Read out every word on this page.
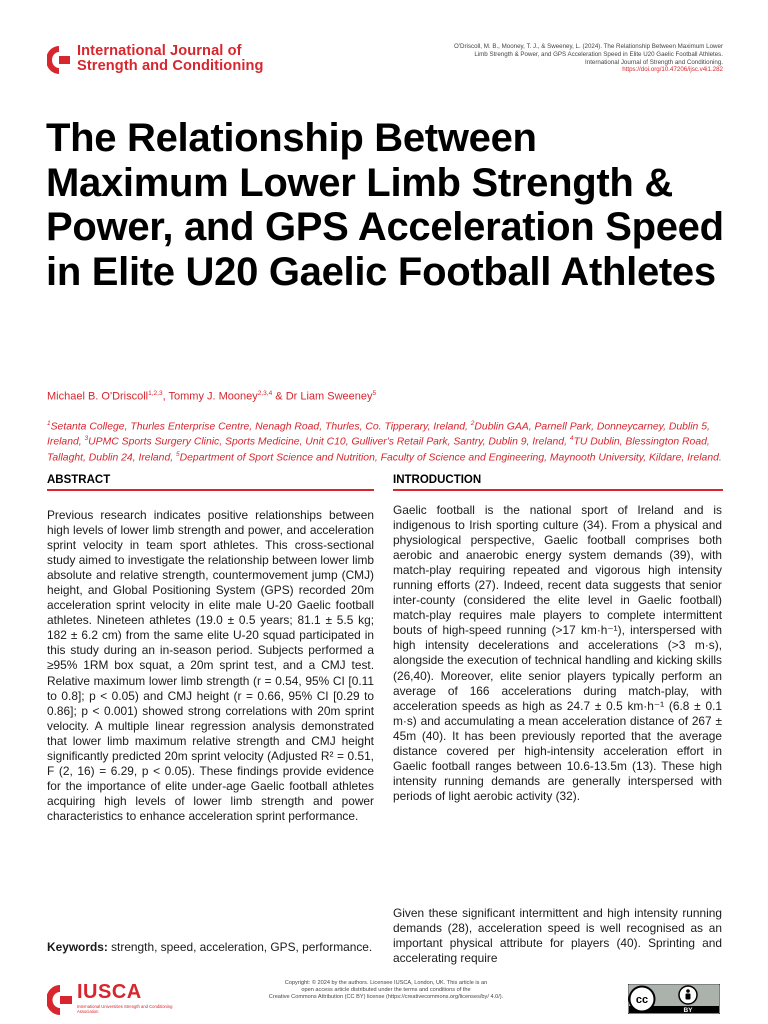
International Journal of
Strength and Conditioning
O'Driscoll, M. B., Mooney, T. J., & Sweeney, L. (2024). The Relationship Between Maximum Lower
Limb Strength & Power, and GPS Acceleration Speed in Elite U20 Gaelic Football Athletes.
International Journal of Strength and Conditioning.
https://doi.org/10.47206/ijsc.v4i1.282
The Relationship Between Maximum Lower Limb Strength & Power, and GPS Acceleration Speed in Elite U20 Gaelic Football Athletes
Michael B. O'Driscoll$^{1,2,3}$, Tommy J. Mooney$^{2,3,4}$ & Dr Liam Sweeney$^5$
$^1$Setanta College, Thurles Enterprise Centre, Nenagh Road, Thurles, Co. Tipperary, Ireland, $^2$Dublin GAA, Parnell Park, Donneycarney, Dublin 5, Ireland, $^3$UPMC Sports Surgery Clinic, Sports Medicine, Unit C10, Gulliver's Retail Park, Santry, Dublin 9, Ireland, $^4$TU Dublin, Blessington Road, Tallaght, Dublin 24, Ireland, $^5$Department of Sport Science and Nutrition, Faculty of Science and Engineering, Maynooth University, Kildare, Ireland.
ABSTRACT	INTRODUCTION

Previous research indicates positive relationships between high levels of lower limb strength and power, and acceleration sprint velocity in team sport athletes. This cross-sectional study aimed to investigate the relationship between lower limb absolute and relative strength, countermovement jump (CMJ) height, and Global Positioning System (GPS) recorded 20m acceleration sprint velocity in elite male U-20 Gaelic football athletes. Nineteen athletes (19.0 ± 0.5 years; 81.1 ± 5.5 kg; 182 ± 6.2 cm) from the same elite U-20 squad participated in this study during an in-season period. Subjects performed a ≥95% 1RM box squat, a 20m sprint test, and a CMJ test. Relative maximum lower limb strength (r = 0.54, 95% CI [0.11 to 0.8]; p < 0.05) and CMJ height (r = 0.66, 95% CI [0.29 to 0.86]; p < 0.001) showed strong correlations with 20m sprint velocity. A multiple linear regression analysis demonstrated that lower limb maximum relative strength and CMJ height significantly predicted 20m sprint velocity (Adjusted R² = 0.51, F (2, 16) = 6.29, p < 0.05). These findings provide evidence for the importance of elite under-age Gaelic football athletes acquiring high levels of lower limb strength and power characteristics to enhance acceleration sprint performance.

Keywords: strength, speed, acceleration, GPS, performance.

Gaelic football is the national sport of Ireland and is indigenous to Irish sporting culture (34). From a physical and physiological perspective, Gaelic football comprises both aerobic and anaerobic energy system demands (39), with match-play requiring repeated and vigorous high intensity running efforts (27). Indeed, recent data suggests that senior inter-county (considered the elite level in Gaelic football) match-play requires male players to complete intermittent bouts of high-speed running (>17 km·h⁻¹), interspersed with high intensity decelerations and accelerations (>3 m·s), alongside the execution of technical handling and kicking skills (26,40). Moreover, elite senior players typically perform an average of 166 accelerations during match-play, with acceleration speeds as high as 24.7 ± 0.5 km·h⁻¹ (6.8 ± 0.1 m·s) and accumulating a mean acceleration distance of 267 ± 45m (40). It has been previously reported that the average distance covered per high-intensity acceleration effort in Gaelic football ranges between 10.6-13.5m (13). These high intensity running demands are generally interspersed with periods of light aerobic activity (32).

Given these significant intermittent and high intensity running demands (28), acceleration speed is well recognised as an important physical attribute for players (40). Sprinting and accelerating require

IUSCA
International Universities Strength and Conditioning Association
Copyright: © 2024 by the authors. Licensee IUSCA, London, UK. This article is an
open access article distributed under the terms and conditions of the
Creative Commons Attribution (CC BY) license (https://creativecommons.org/licenses/by/ 4.0/).	cc
BY
